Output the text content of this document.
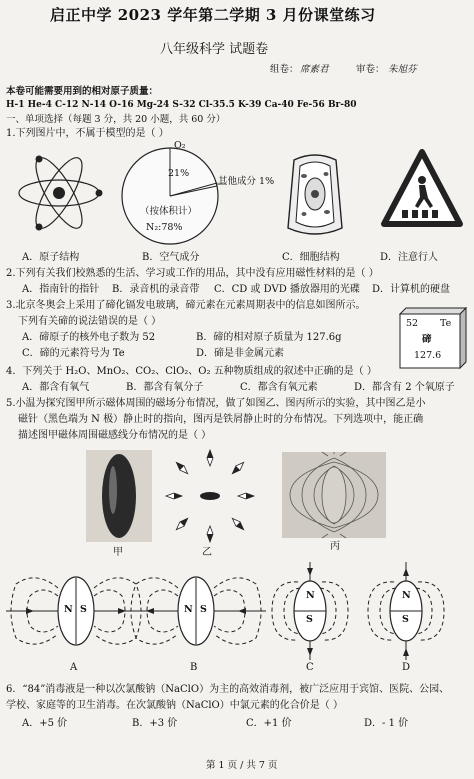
启正中学 2023 学年第二学期 3 月份课堂练习
八年级科学 试题卷
组卷： 席素君	审卷： 朱旭芬
本卷可能需要用到的相对原子质量：
H-1 He-4 C-12 N-14 O-16 Mg-24 S-32 Cl-35.5 K-39 Ca-40 Fe-56 Br-80
一、单项选择（每题 3 分，共 20 小题，共 60 分）
1.下列图片中，不属于模型的是（ ）
O₂
21%
其他成分 1%
（按体积计）
N₂:78%
A．原子结构	B．空气成分	C．细胞结构	D．注意行人
2.下列有关我们校熟悉的生活、学习或工作的用品，其中没有应用磁性材料的是（ ）
A．指南针的指针 B．录音机的录音带 C．CD 或 DVD 播放器用的光碟 D．计算机的硬盘
3.北京冬奥会上采用了碲化镉发电玻璃，碲元素在元素周期表中的信息如图所示。
下列有关碲的说法错误的是（ ）
A．碲原子的核外电子数为 52	B．碲的相对原子质量为 127.6g
C．碲的元素符号为 Te	D．碲是非金属元素
52 Te
碲
127.6
4．下列关于 H₂O、MnO₂、CO₂、ClO₂、O₂ 五种物质组成的叙述中正确的是（ ）
A．都含有氧气	B．都含有氧分子	C．都含有氧元素	D．都含有 2 个氧原子
5.小温为探究图甲所示磁体周围的磁场分布情况，做了如图乙、图丙所示的实验，其中图乙是小
磁针（黑色端为 N 极）静止时的指向，图丙是铁屑静止时的分布情况。下列选项中，能正确
描述图甲磁体周围磁感线分布情况的是（ ）
甲	乙
丙
N S
A
N S
B
N
S
C
N
S
D
6．“84”消毒液是一种以次氯酸钠（NaClO）为主的高效消毒剂，被广泛应用于宾馆、医院、公园、
学校、家庭等的卫生消毒。在次氯酸钠（NaClO）中氯元素的化合价是（ ）
A．+5 价	B．+3 价	C．+1 价	D．- 1 价
第 1 页 / 共 7 页
